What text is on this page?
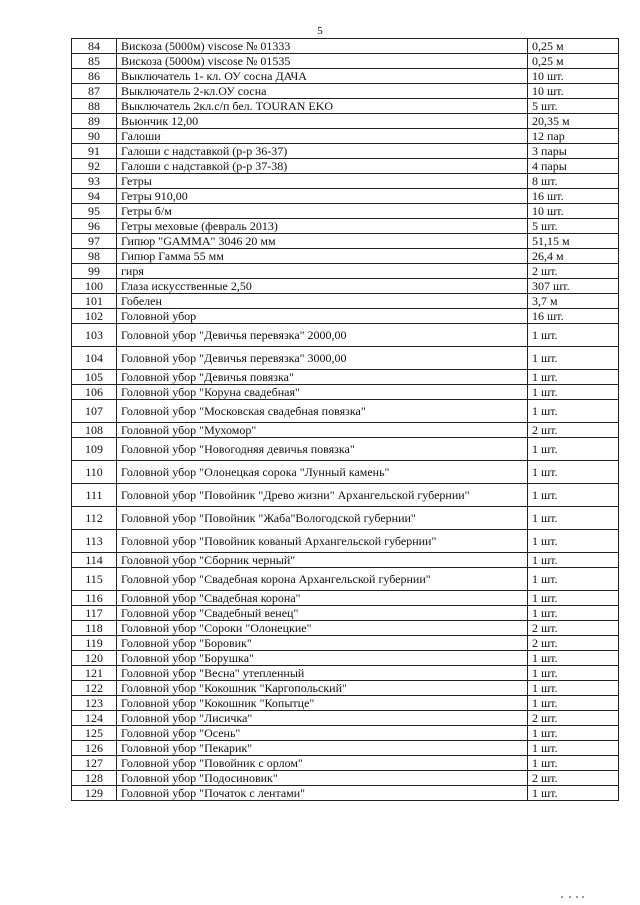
5
84	Вискоза (5000м) viscose № 01333	0,25 м
85	Вискоза (5000м) viscose № 01535	0,25 м
86	Выключатель 1- кл. ОУ сосна ДАЧА	10 шт.
87	Выключатель 2-кл.ОУ сосна	10 шт.
88	Выключатель 2кл.с/п бел. TOURAN EKO	5 шт.
89	Вьюнчик 12,00	20,35 м
90	Галоши	12 пар
91	Галоши с надставкой (р-р 36-37)	3 пары
92	Галоши с надставкой (р-р 37-38)	4 пары
93	Гетры	8 шт.
94	Гетры 910,00	16 шт.
95	Гетры б/м	10 шт.
96	Гетры меховые (февраль 2013)	5 шт.
97	Гипюр "GAMMA" 3046 20 мм	51,15 м
98	Гипюр Гамма 55 мм	26,4 м
99	гиря	2 шт.
100	Глаза искусственные 2,50	307 шт.
101	Гобелен	3,7 м
102	Головной убор	16 шт.
103	Головной убор "Девичья перевязка" 2000,00	1 шт.
104	Головной убор "Девичья перевязка" 3000,00	1 шт.
105	Головной убор "Девичья повязка"	1 шт.
106	Головной убор "Коруна свадебная"	1 шт.
107	Головной убор "Московская свадебная повязка"	1 шт.
108	Головной убор "Мухомор"	2 шт.
109	Головной убор "Новогодняя девичья повязка"	1 шт.
110	Головной убор "Олонецкая сорока "Лунный камень"	1 шт.
111	Головной убор "Повойник "Древо жизни" Архангельской губернии"	1 шт.
112	Головной убор "Повойник "Жаба"Вологодской губернии"	1 шт.
113	Головной убор "Повойник кованый Архангельской губернии"	1 шт.
114	Головной убор "Сборник черный"	1 шт.
115	Головной убор "Свадебная корона Архангельской губернии"	1 шт.
116	Головной убор "Свадебная корона"	1 шт.
117	Головной убор "Свадебный венец"	1 шт.
118	Головной убор "Сороки "Олонецкие"	2 шт.
119	Головной убор "Боровик"	2 шт.
120	Головной убор "Борушка"	1 шт.
121	Головной убор "Весна" утепленный	1 шт.
122	Головной убор "Кокошник "Каргопольский"	1 шт.
123	Головной убор "Кокошник "Копытце"	1 шт.
124	Головной убор "Лисичка"	2 шт.
125	Головной убор "Осень"	1 шт.
126	Головной убор "Пекарик"	1 шт.
127	Головной убор "Повойник с орлом"	1 шт.
128	Головной убор "Подосиновик"	2 шт.
129	Головной убор "Початок с лентами"	1 шт.
